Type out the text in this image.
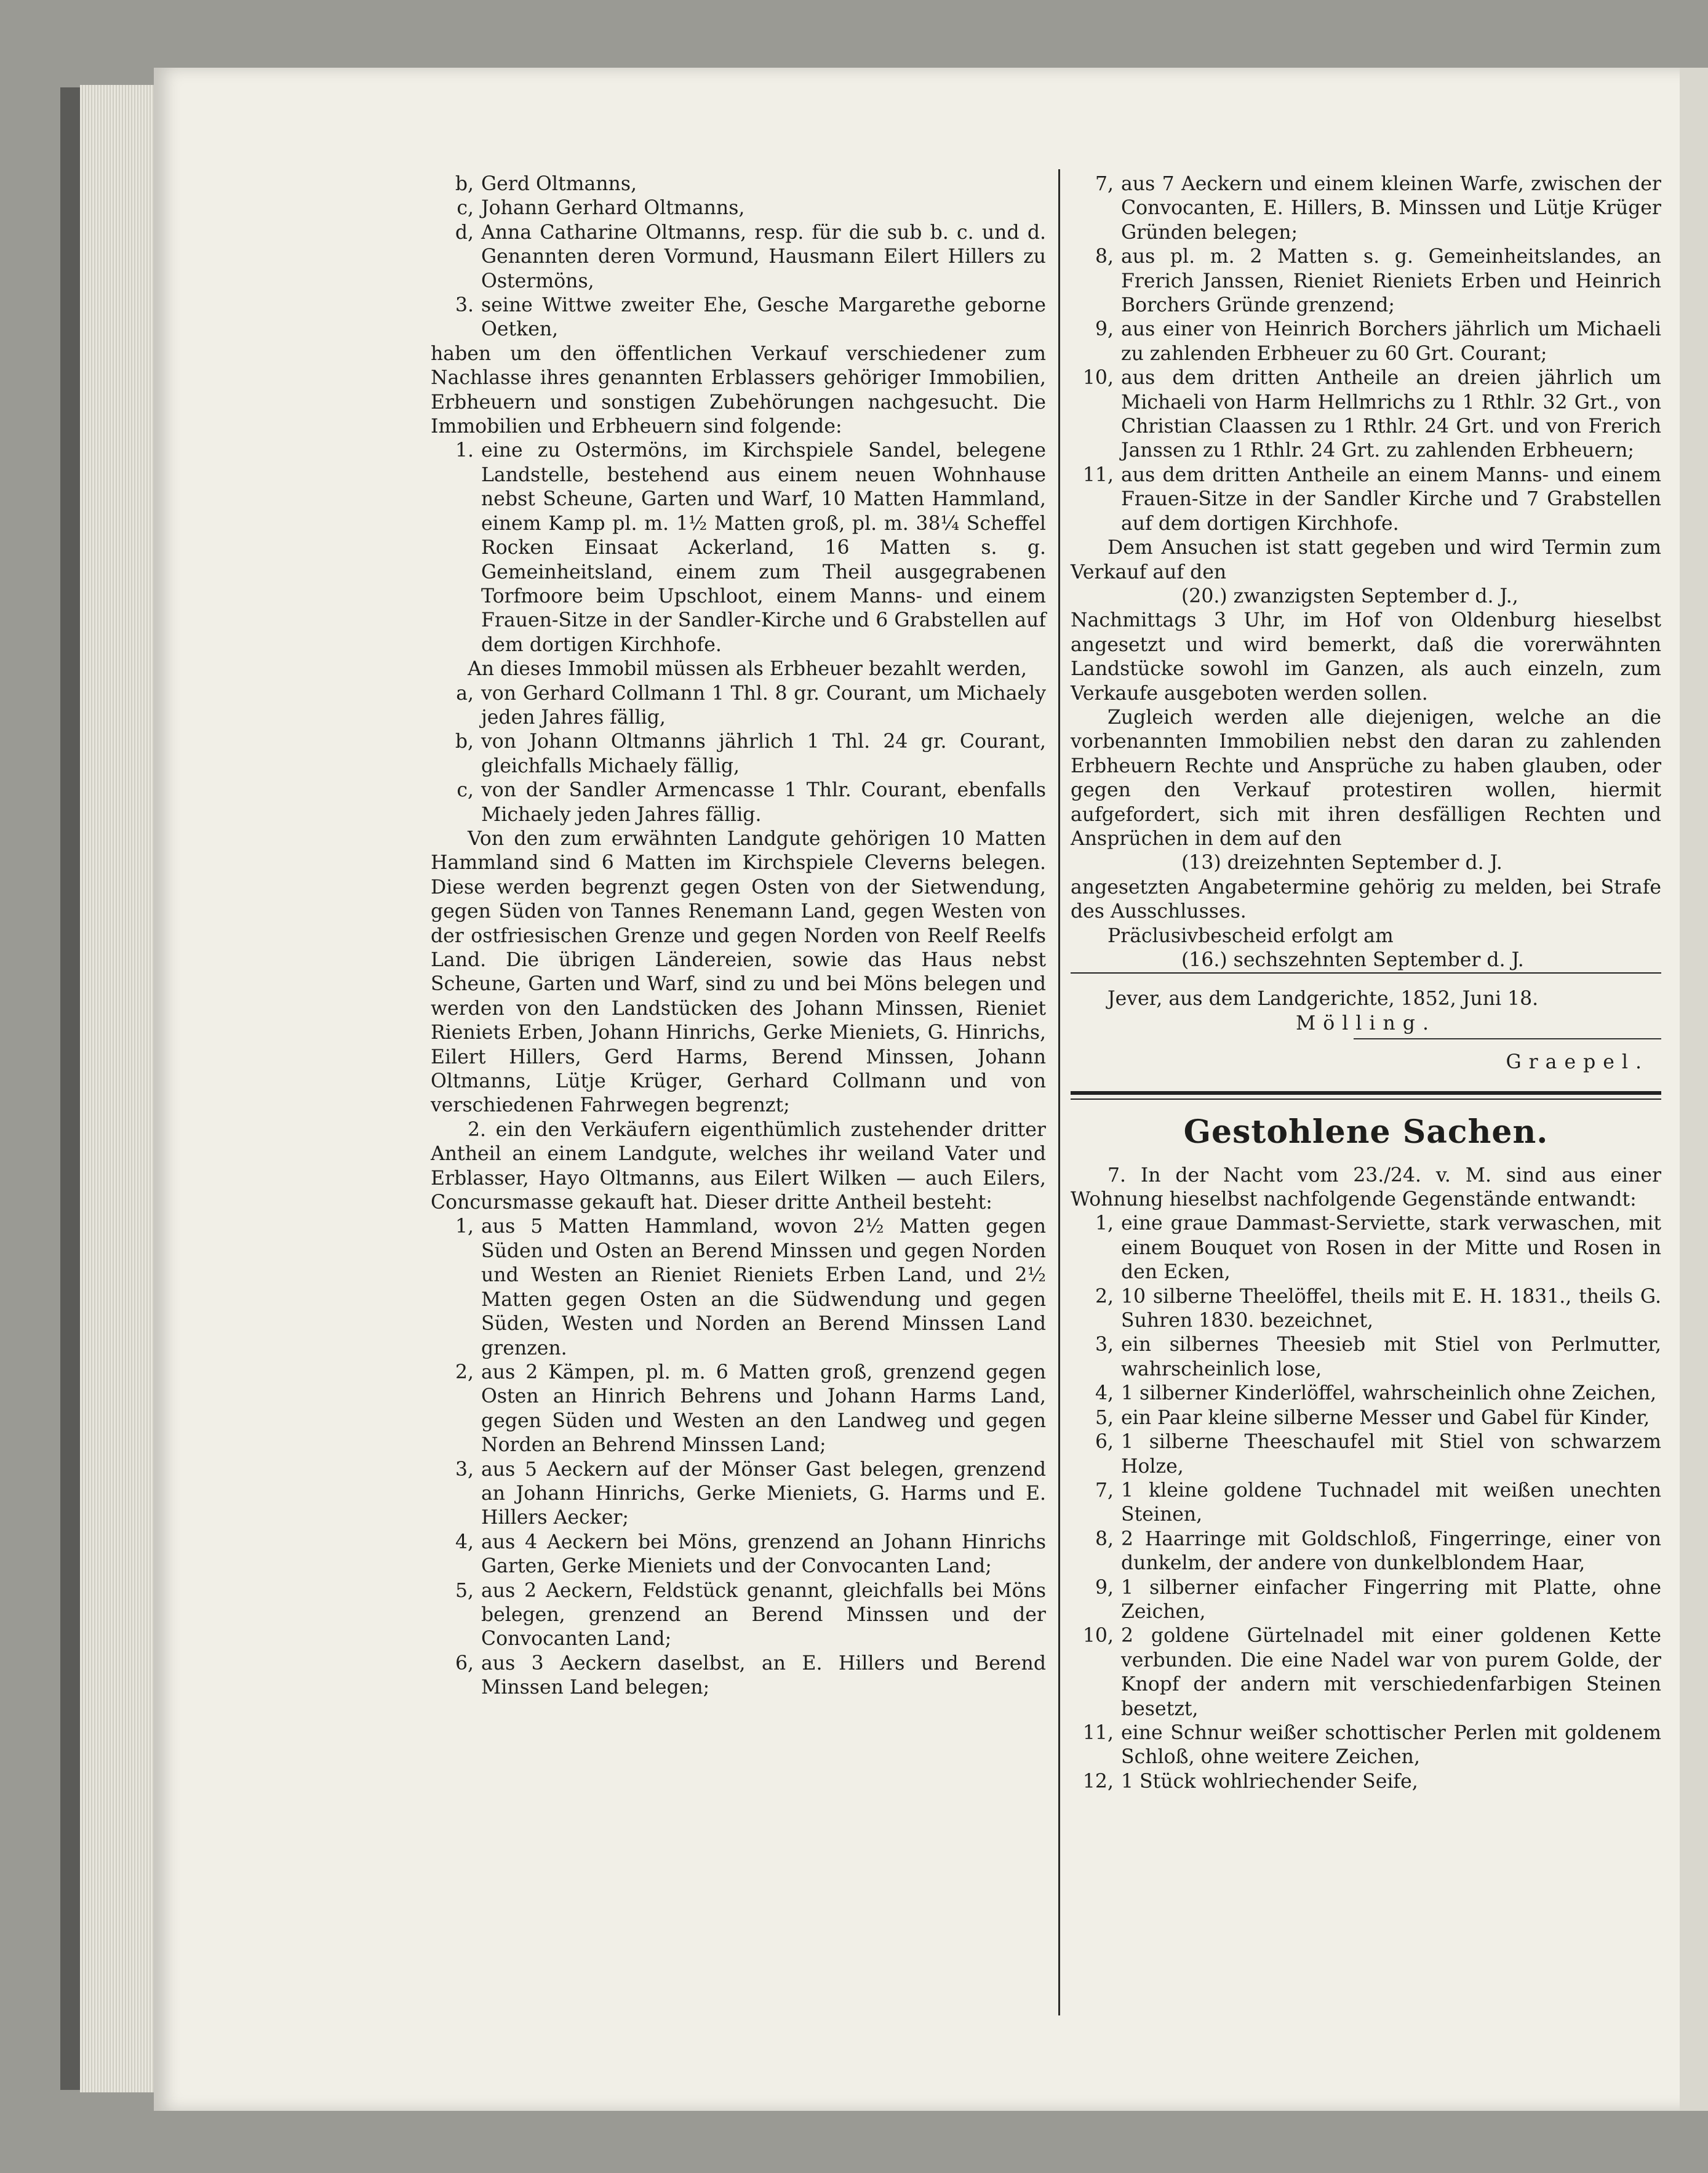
b, Gerd Oltmanns,
c, Johann Gerhard Oltmanns,
d, Anna Catharine Oltmanns, resp. für die sub b. c. und d. Genannten deren Vormund, Hausmann Eilert Hillers zu Ostermöns,
3. seine Wittwe zweiter Ehe, Gesche Margarethe geborne Oetken,

haben um den öffentlichen Verkauf verschiedener zum Nachlasse ihres genannten Erblassers gehöriger Immobilien, Erbheuern und sonstigen Zubehörungen nachgesucht. Die Immobilien und Erbheuern sind folgende:

1. eine zu Ostermöns, im Kirchspiele Sandel, belegene Landstelle, bestehend aus einem neuen Wohnhause nebst Scheune, Garten und Warf, 10 Matten Hammland, einem Kamp pl. m. 1½ Matten groß, pl. m. 38¼ Scheffel Rocken Einsaat Ackerland, 16 Matten s. g. Gemeinheitsland, einem zum Theil ausgegrabenen Torfmoore beim Upschloot, einem Manns- und einem Frauen-Sitze in der Sandler-Kirche und 6 Grabstellen auf dem dortigen Kirchhofe.

An dieses Immobil müssen als Erbheuer bezahlt werden,

a, von Gerhard Collmann 1 Thl. 8 gr. Courant, um Michaely jeden Jahres fällig,
b, von Johann Oltmanns jährlich 1 Thl. 24 gr. Courant, gleichfalls Michaely fällig,
c, von der Sandler Armencasse 1 Thlr. Courant, ebenfalls Michaely jeden Jahres fällig.

Von den zum erwähnten Landgute gehörigen 10 Matten Hammland sind 6 Matten im Kirchspiele Cleverns belegen. Diese werden begrenzt gegen Osten von der Sietwendung, gegen Süden von Tannes Renemann Land, gegen Westen von der ostfriesischen Grenze und gegen Norden von Reelf Reelfs Land. Die übrigen Ländereien, sowie das Haus nebst Scheune, Garten und Warf, sind zu und bei Möns belegen und werden von den Landstücken des Johann Minssen, Rieniet Rieniets Erben, Johann Hinrichs, Gerke Mieniets, G. Hinrichs, Eilert Hillers, Gerd Harms, Berend Minssen, Johann Oltmanns, Lütje Krüger, Gerhard Collmann und von verschiedenen Fahrwegen begrenzt;

2. ein den Verkäufern eigenthümlich zustehender dritter Antheil an einem Landgute, welches ihr weiland Vater und Erblasser, Hayo Oltmanns, aus Eilert Wilken — auch Eilers, Concursmasse gekauft hat. Dieser dritte Antheil besteht:

1, aus 5 Matten Hammland, wovon 2½ Matten gegen Süden und Osten an Berend Minssen und gegen Norden und Westen an Rieniet Rieniets Erben Land, und 2½ Matten gegen Osten an die Südwendung und gegen Süden, Westen und Norden an Berend Minssen Land grenzen.
2, aus 2 Kämpen, pl. m. 6 Matten groß, grenzend gegen Osten an Hinrich Behrens und Johann Harms Land, gegen Süden und Westen an den Landweg und gegen Norden an Behrend Minssen Land;
3, aus 5 Aeckern auf der Mönser Gast belegen, grenzend an Johann Hinrichs, Gerke Mieniets, G. Harms und E. Hillers Aecker;
4, aus 4 Aeckern bei Möns, grenzend an Johann Hinrichs Garten, Gerke Mieniets und der Convocanten Land;
5, aus 2 Aeckern, Feldstück genannt, gleichfalls bei Möns belegen, grenzend an Berend Minssen und der Convocanten Land;
6, aus 3 Aeckern daselbst, an E. Hillers und Berend Minssen Land belegen;
7, aus 7 Aeckern und einem kleinen Warfe, zwischen der Convocanten, E. Hillers, B. Minssen und Lütje Krüger Gründen belegen;
8, aus pl. m. 2 Matten s. g. Gemeinheitslandes, an Frerich Janssen, Rieniet Rieniets Erben und Heinrich Borchers Gründe grenzend;
9, aus einer von Heinrich Borchers jährlich um Michaeli zu zahlenden Erbheuer zu 60 Grt. Courant;
10, aus dem dritten Antheile an dreien jährlich um Michaeli von Harm Hellmrichs zu 1 Rthlr. 32 Grt., von Christian Claassen zu 1 Rthlr. 24 Grt. und von Frerich Janssen zu 1 Rthlr. 24 Grt. zu zahlenden Erbheuern;
11, aus dem dritten Antheile an einem Manns- und einem Frauen-Sitze in der Sandler Kirche und 7 Grabstellen auf dem dortigen Kirchhofe.

Dem Ansuchen ist statt gegeben und wird Termin zum Verkauf auf den

(20.) zwanzigsten September d. J.,

Nachmittags 3 Uhr, im Hof von Oldenburg hieselbst angesetzt und wird bemerkt, daß die vorerwähnten Landstücke sowohl im Ganzen, als auch einzeln, zum Verkaufe ausgeboten werden sollen.

Zugleich werden alle diejenigen, welche an die vorbenannten Immobilien nebst den daran zu zahlenden Erbheuern Rechte und Ansprüche zu haben glauben, oder gegen den Verkauf protestiren wollen, hiermit aufgefordert, sich mit ihren desfälligen Rechten und Ansprüchen in dem auf den

(13) dreizehnten September d. J.

angesetzten Angabetermine gehörig zu melden, bei Strafe des Ausschlusses.

Präclusivbescheid erfolgt am

(16.) sechszehnten September d. J.

Jever, aus dem Landgerichte, 1852, Juni 18.

Mölling.

Graepel.

Gestohlene Sachen.

7. In der Nacht vom 23./24. v. M. sind aus einer Wohnung hieselbst nachfolgende Gegenstände entwandt:

1, eine graue Dammast-Serviette, stark verwaschen, mit einem Bouquet von Rosen in der Mitte und Rosen in den Ecken,
2, 10 silberne Theelöffel, theils mit E. H. 1831., theils G. Suhren 1830. bezeichnet,
3, ein silbernes Theesieb mit Stiel von Perlmutter, wahrscheinlich lose,
4, 1 silberner Kinderlöffel, wahrscheinlich ohne Zeichen,
5, ein Paar kleine silberne Messer und Gabel für Kinder,
6, 1 silberne Theeschaufel mit Stiel von schwarzem Holze,
7, 1 kleine goldene Tuchnadel mit weißen unechten Steinen,
8, 2 Haarringe mit Goldschloß, Fingerringe, einer von dunkelm, der andere von dunkelblondem Haar,
9, 1 silberner einfacher Fingerring mit Platte, ohne Zeichen,
10, 2 goldene Gürtelnadel mit einer goldenen Kette verbunden. Die eine Nadel war von purem Golde, der Knopf der andern mit verschiedenfarbigen Steinen besetzt,
11, eine Schnur weißer schottischer Perlen mit goldenem Schloß, ohne weitere Zeichen,
12, 1 Stück wohlriechender Seife,
